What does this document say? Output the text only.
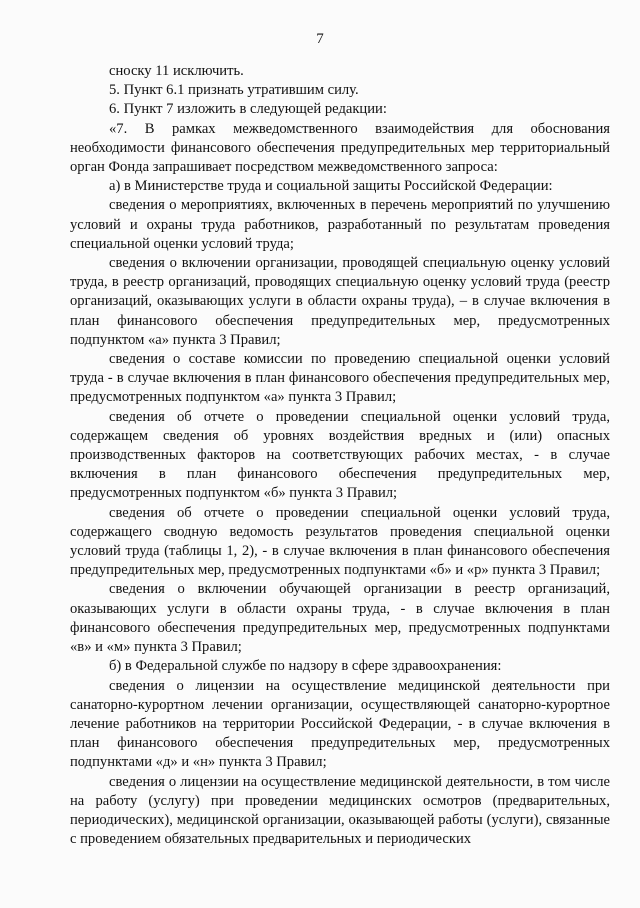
7

сноску 11 исключить.

5. Пункт 6.1 признать утратившим силу.

6. Пункт 7 изложить в следующей редакции:

«7. В рамках межведомственного взаимодействия для обоснования необходимости финансового обеспечения предупредительных мер территориальный орган Фонда запрашивает посредством межведомственного запроса:

а) в Министерстве труда и социальной защиты Российской Федерации:

сведения о мероприятиях, включенных в перечень мероприятий по улучшению условий и охраны труда работников, разработанный по результатам проведения специальной оценки условий труда;

сведения о включении организации, проводящей специальную оценку условий труда, в реестр организаций, проводящих специальную оценку условий труда (реестр организаций, оказывающих услуги в области охраны труда), – в случае включения в план финансового обеспечения предупредительных мер, предусмотренных подпунктом «а» пункта 3 Правил;

сведения о составе комиссии по проведению специальной оценки условий труда - в случае включения в план финансового обеспечения предупредительных мер, предусмотренных подпунктом «а» пункта 3 Правил;

сведения об отчете о проведении специальной оценки условий труда, содержащем сведения об уровнях воздействия вредных и (или) опасных производственных факторов на соответствующих рабочих местах, - в случае включения в план финансового обеспечения предупредительных мер, предусмотренных подпунктом «б» пункта 3 Правил;

сведения об отчете о проведении специальной оценки условий труда, содержащего сводную ведомость результатов проведения специальной оценки условий труда (таблицы 1, 2), - в случае включения в план финансового обеспечения предупредительных мер, предусмотренных подпунктами «б» и «р» пункта 3 Правил;

сведения о включении обучающей организации в реестр организаций, оказывающих услуги в области охраны труда, - в случае включения в план финансового обеспечения предупредительных мер, предусмотренных подпунктами «в» и «м» пункта 3 Правил;

б) в Федеральной службе по надзору в сфере здравоохранения:

сведения о лицензии на осуществление медицинской деятельности при санаторно-курортном лечении организации, осуществляющей санаторно-курортное лечение работников на территории Российской Федерации, - в случае включения в план финансового обеспечения предупредительных мер, предусмотренных подпунктами «д» и «н» пункта 3 Правил;

сведения о лицензии на осуществление медицинской деятельности, в том числе на работу (услугу) при проведении медицинских осмотров (предварительных, периодических), медицинской организации, оказывающей работы (услуги), связанные с проведением обязательных предварительных и периодических
